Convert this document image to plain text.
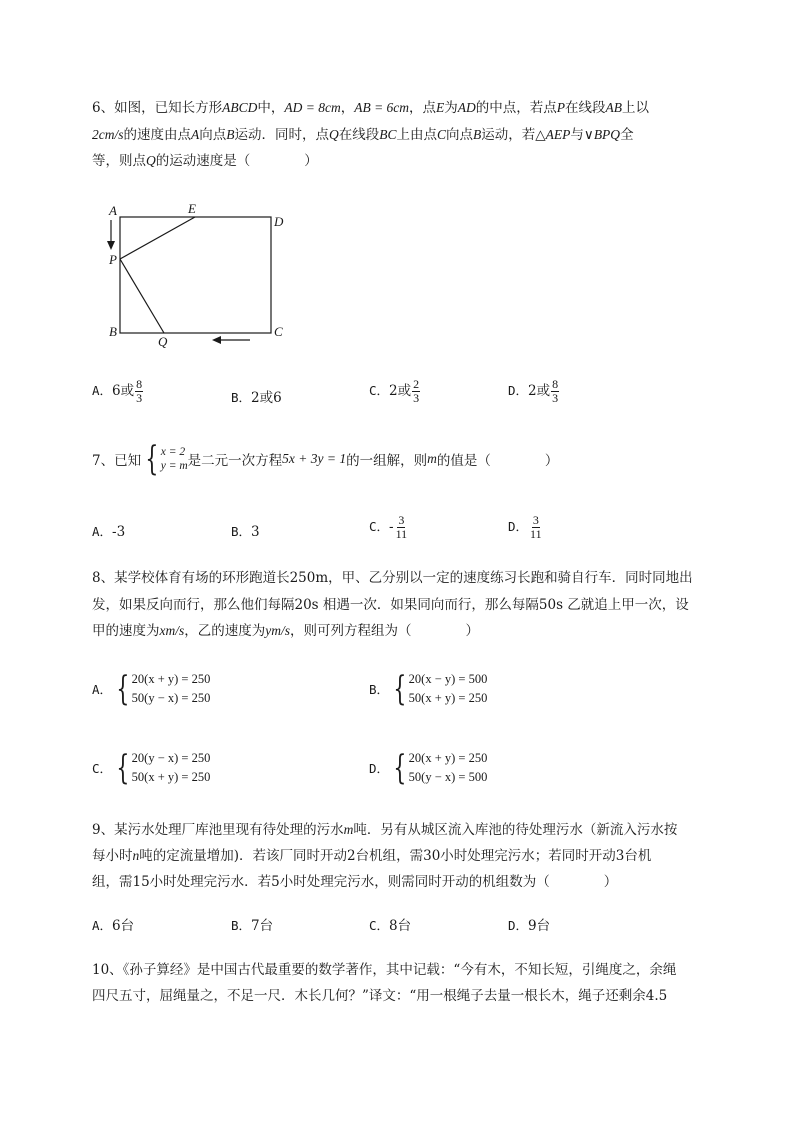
6、如图，已知长方形ABCD中，AD = 8cm，AB = 6cm，点E为AD的中点，若点P在线段AB上以
2cm/s的速度由点A向点B运动．同时，点Q在线段BC上由点C向点B运动，若△AEP与∨BPQ全
等，则点Q的运动速度是（　　　　）
A	E
D
P
B
Q
C
A．6或 $\frac{8}{3}$	B．2或6	C．2或 $\frac{2}{3}$	D．2或 $\frac{8}{3}$
7、已知 { x = 2
y = m 是二元一次方程 5x + 3y = 1 的一组解，则 m 的值是（　　　　）
A．-3	B．3	C．- $\frac{3}{11}$	D． $\frac{3}{11}$
8、某学校体育有场的环形跑道长250m，甲、乙分别以一定的速度练习长跑和骑自行车．同时同地出
发，如果反向而行，那么他们每隔20s 相遇一次．如果同向而行，那么每隔50s 乙就追上甲一次，设
甲的速度为xm/s，乙的速度为ym/s，则可列方程组为（　　　　）
A． { 20(x + y) = 250
50(y − x) = 250
B． { 20(x − y) = 500
50(x + y) = 250
C． { 20(y − x) = 250
50(x + y) = 250
D． { 20(x + y) = 250
50(y − x) = 500
9、某污水处理厂库池里现有待处理的污水m吨．另有从城区流入库池的待处理污水（新流入污水按
每小时n吨的定流量增加)．若该厂同时开动2台机组，需30小时处理完污水；若同时开动3台机
组，需15小时处理完污水．若5小时处理完污水，则需同时开动的机组数为（　　　　）
A．6台	B．7台	C．8台	D．9台
10、《孙子算经》是中国古代最重要的数学著作，其中记载：“今有木，不知长短，引绳度之，余绳
四尺五寸，屈绳量之，不足一尺．木长几何？”译文：“用一根绳子去量一根长木，绳子还剩余4.5
